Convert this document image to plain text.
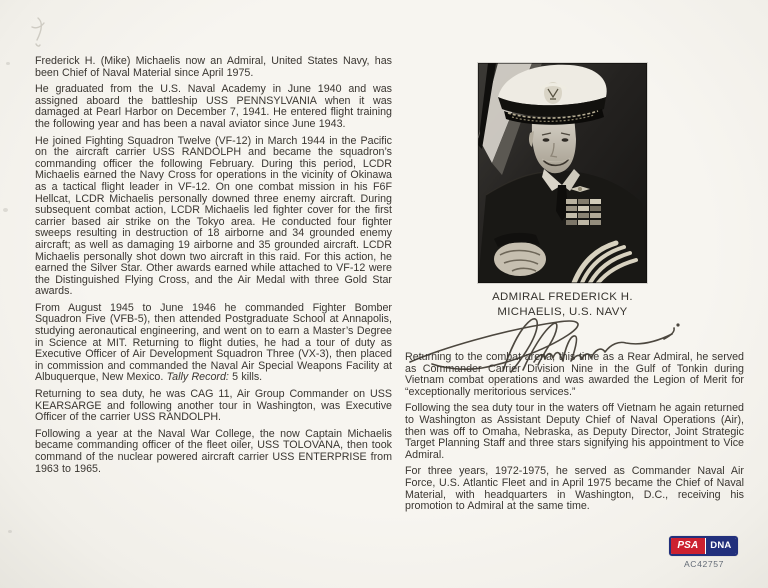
Frederick H. (Mike) Michaelis now an Admiral, United States Navy, has been Chief of Naval Material since April 1975.

He graduated from the U.S. Naval Academy in June 1940 and was assigned aboard the battleship USS PENNSYLVANIA when it was damaged at Pearl Harbor on December 7, 1941. He entered flight training the following year and has been a naval aviator since June 1943.

He joined Fighting Squadron Twelve (VF-12) in March 1944 in the Pacific on the aircraft carrier USS RANDOLPH and became the squadron’s commanding officer the following February. During this period, LCDR Michaelis earned the Navy Cross for operations in the vicinity of Okinawa as a tactical flight leader in VF-12. On one combat mission in his F6F Hellcat, LCDR Michaelis personally downed three enemy aircraft. During subsequent combat action, LCDR Michaelis led fighter cover for the first carrier based air strike on the Tokyo area. He conducted four fighter sweeps resulting in destruction of 18 airborne and 34 grounded enemy aircraft; as well as damaging 19 airborne and 35 grounded aircraft. LCDR Michaelis personally shot down two aircraft in this raid. For this action, he earned the Silver Star. Other awards earned while attached to VF-12 were the Distinguished Flying Cross, and the Air Medal with three Gold Star awards.

From August 1945 to June 1946 he commanded Fighter Bomber Squadron Five (VFB-5), then attended Postgraduate School at Annapolis, studying aeronautical engineering, and went on to earn a Master’s Degree in Science at MIT. Returning to flight duties, he had a tour of duty as Executive Officer of Air Development Squadron Three (VX-3), then placed in commission and commanded the Naval Air Special Weapons Facility at Albuquerque, New Mexico. Tally Record: 5 kills.

Returning to sea duty, he was CAG 11, Air Group Commander on USS KEARSARGE and following another tour in Washington, was Executive Officer of the carrier USS RANDOLPH.

Following a year at the Naval War College, the now Captain Michaelis became commanding officer of the fleet oiler, USS TOLOVANA, then took command of the nuclear powered aircraft carrier USS ENTERPRISE from 1963 to 1965.

ADMIRAL FREDERICK H.
MICHAELIS, U.S. NAVY

Returning to the combat arena, this time as a Rear Admiral, he served as Commander Carrier Division Nine in the Gulf of Tonkin during Vietnam combat operations and was awarded the Legion of Merit for “exceptionally meritorious services.”

Following the sea duty tour in the waters off Vietnam he again returned to Washington as Assistant Deputy Chief of Naval Operations (Air), then was off to Omaha, Nebraska, as Deputy Director, Joint Strategic Target Planning Staff and three stars signifying his appointment to Vice Admiral.

For three years, 1972-1975, he served as Commander Naval Air Force, U.S. Atlantic Fleet and in April 1975 became the Chief of Naval Material, with headquarters in Washington, D.C., receiving his promotion to Admiral at the same time.

PSA	DNA
AC42757
